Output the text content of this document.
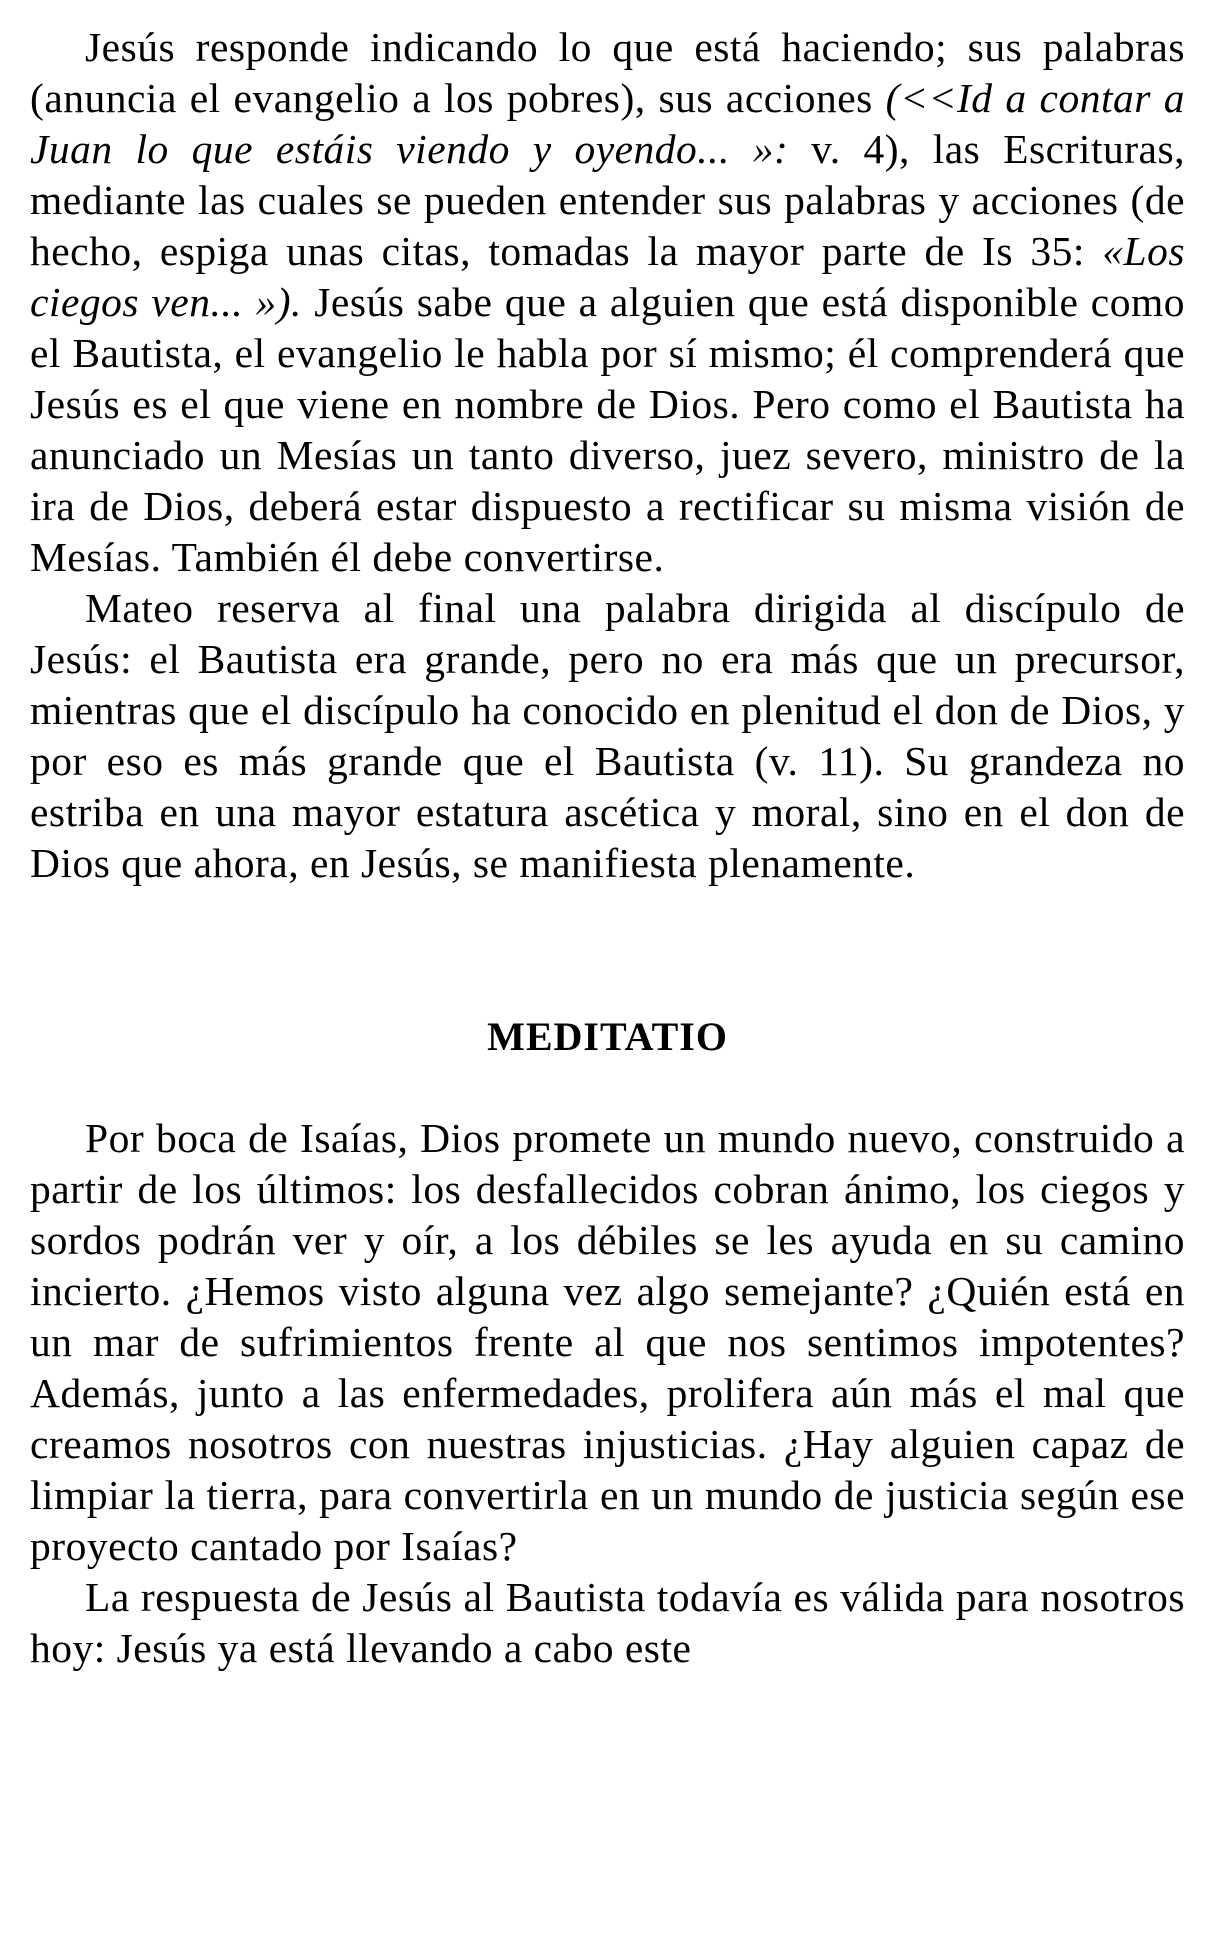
Jesús responde indicando lo que está haciendo; sus palabras (anuncia el evangelio a los pobres), sus acciones (<<Id a contar a Juan lo que estáis viendo y oyendo... »: v. 4), las Escrituras, mediante las cuales se pueden entender sus palabras y acciones (de hecho, espiga unas citas, tomadas la mayor parte de Is 35: «Los ciegos ven... »). Jesús sabe que a alguien que está disponible como el Bautista, el evangelio le habla por sí mismo; él comprenderá que Jesús es el que viene en nombre de Dios. Pero como el Bautista ha anunciado un Mesías un tanto diverso, juez severo, ministro de la ira de Dios, deberá estar dispuesto a rectificar su misma visión de Mesías. También él debe convertirse.

Mateo reserva al final una palabra dirigida al discípulo de Jesús: el Bautista era grande, pero no era más que un precursor, mientras que el discípulo ha conocido en plenitud el don de Dios, y por eso es más grande que el Bautista (v. 11). Su grandeza no estriba en una mayor estatura ascética y moral, sino en el don de Dios que ahora, en Jesús, se manifiesta plenamente.

MEDITATIO

Por boca de Isaías, Dios promete un mundo nuevo, construido a partir de los últimos: los desfallecidos cobran ánimo, los ciegos y sordos podrán ver y oír, a los débiles se les ayuda en su camino incierto. ¿Hemos visto alguna vez algo semejante? ¿Quién está en un mar de sufrimientos frente al que nos sentimos impotentes? Además, junto a las enfermedades, prolifera aún más el mal que creamos nosotros con nuestras injusticias. ¿Hay alguien capaz de limpiar la tierra, para convertirla en un mundo de justicia según ese proyecto cantado por Isaías?

La respuesta de Jesús al Bautista todavía es válida para nosotros hoy: Jesús ya está llevando a cabo este
